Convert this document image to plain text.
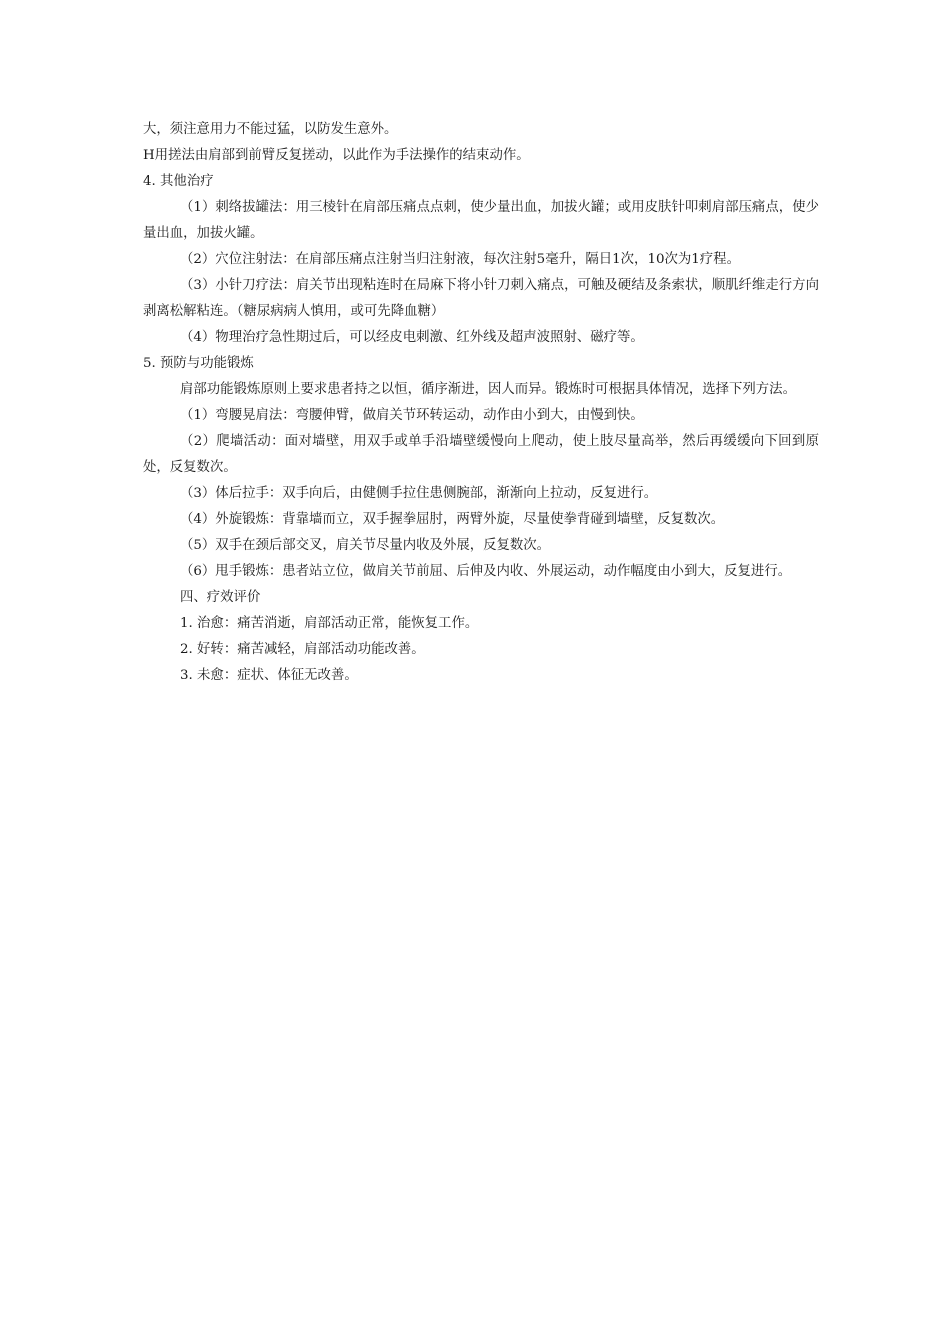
大，须注意用力不能过猛，以防发生意外。
H用搓法由肩部到前臂反复搓动，以此作为手法操作的结束动作。
4. 其他治疗
（1）刺络拔罐法：用三棱针在肩部压痛点点刺，使少量出血，加拔火罐；或用皮肤针叩刺肩部压痛点，使少量出血，加拔火罐。
（2）穴位注射法：在肩部压痛点注射当归注射液，每次注射5毫升，隔日1次，10次为1疗程。
（3）小针刀疗法：肩关节出现粘连时在局麻下将小针刀刺入痛点，可触及硬结及条索状，顺肌纤维走行方向剥离松解粘连。（糖尿病病人慎用，或可先降血糖）
（4）物理治疗急性期过后，可以经皮电刺激、红外线及超声波照射、磁疗等。
5. 预防与功能锻炼
肩部功能锻炼原则上要求患者持之以恒，循序渐进，因人而异。锻炼时可根据具体情况，选择下列方法。
（1）弯腰晃肩法：弯腰伸臂，做肩关节环转运动，动作由小到大，由慢到快。
（2）爬墙活动：面对墙壁，用双手或单手沿墙壁缓慢向上爬动，使上肢尽量高举，然后再缓缓向下回到原处，反复数次。
（3）体后拉手：双手向后，由健侧手拉住患侧腕部，渐渐向上拉动，反复进行。
（4）外旋锻炼：背靠墙而立，双手握拳屈肘，两臂外旋，尽量使拳背碰到墙壁，反复数次。
（5）双手在颈后部交叉，肩关节尽量内收及外展，反复数次。
（6）甩手锻炼：患者站立位，做肩关节前屈、后伸及内收、外展运动，动作幅度由小到大，反复进行。
四、疗效评价
1. 治愈：痛苦消逝，肩部活动正常，能恢复工作。
2. 好转：痛苦减轻，肩部活动功能改善。
3. 未愈：症状、体征无改善。
